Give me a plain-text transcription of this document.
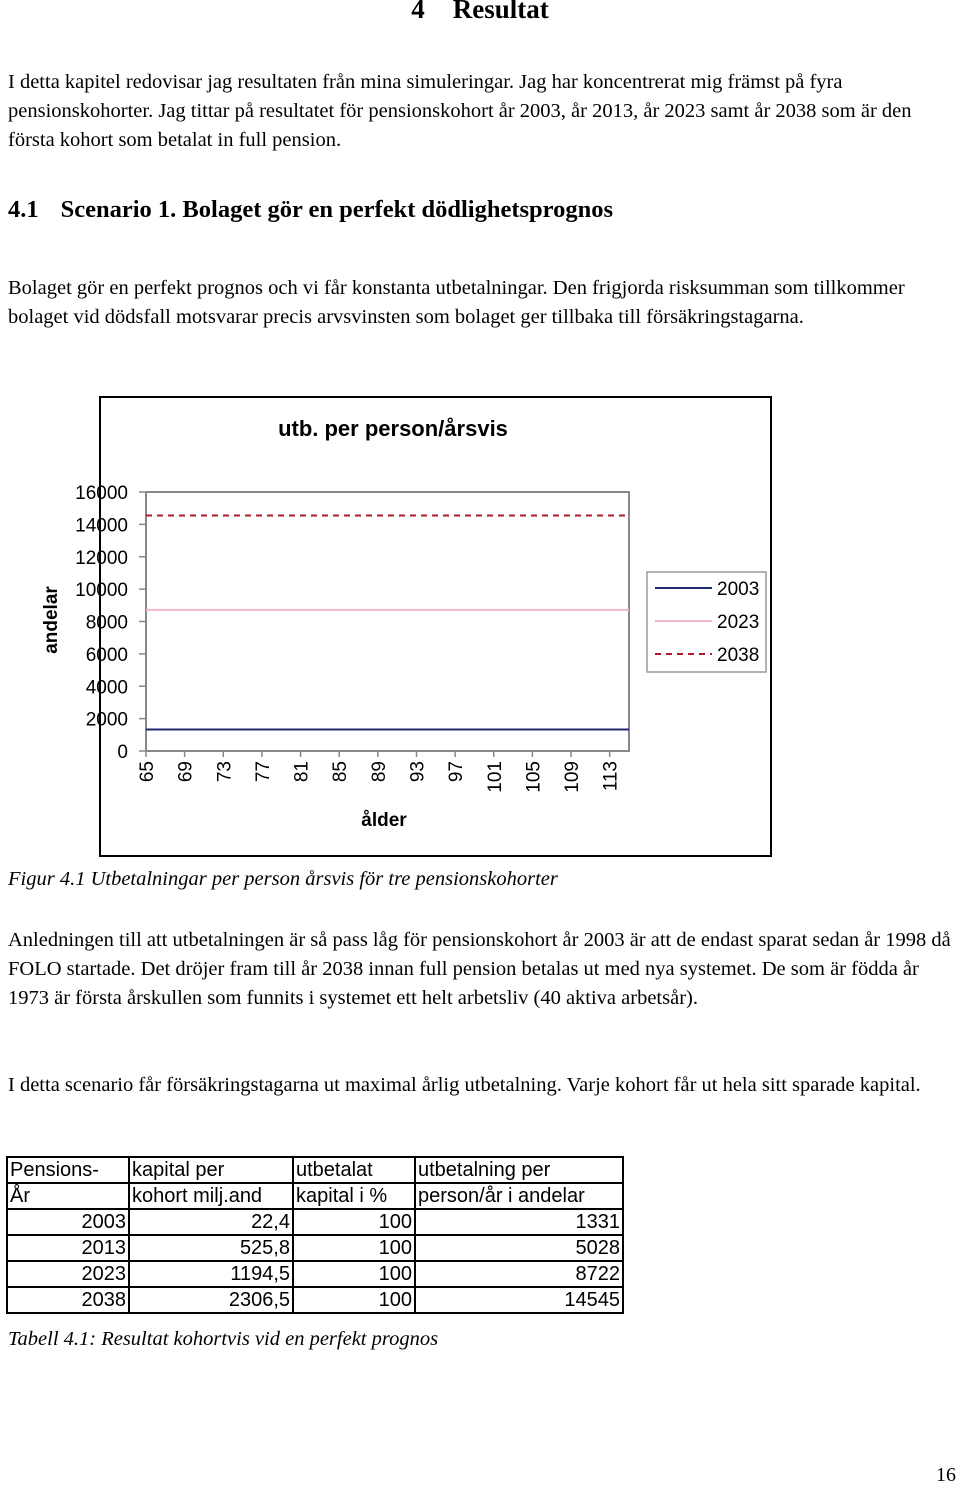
4 Resultat
I detta kapitel redovisar jag resultaten från mina simuleringar. Jag har koncentrerat mig främst på fyra pensionskohorter. Jag tittar på resultatet för pensionskohort år 2003, år 2013, år 2023 samt år 2038 som är den första kohort som betalat in full pension.
4.1 Scenario 1. Bolaget gör en perfekt dödlighetsprognos
Bolaget gör en perfekt prognos och vi får konstanta utbetalningar. Den frigjorda risksumman som tillkommer bolaget vid dödsfall motsvarar precis arvsvinsten som bolaget ger tillbaka till försäkringstagarna.
utb. per person/årsvis
andelar
ålder
16000
14000
12000
10000
8000
6000
4000
2000
0
65 69 73 77 81 85 89 93 97 101 105 109 113
2003
2023
2038
Figur 4.1 Utbetalningar per person årsvis för tre pensionskohorter
Anledningen till att utbetalningen är så pass låg för pensionskohort år 2003 är att de endast sparat sedan år 1998 då FOLO startade. Det dröjer fram till år 2038 innan full pension betalas ut med nya systemet. De som är födda år 1973 är första årskullen som funnits i systemet ett helt arbetsliv (40 aktiva arbetsår).
I detta scenario får försäkringstagarna ut maximal årlig utbetalning. Varje kohort får ut hela sitt sparade kapital.
Pensions-	kapital per	utbetalat	utbetalning per
År	kohort milj.and	kapital i %	person/år i andelar
2003	22,4	100	1331
2013	525,8	100	5028
2023	1194,5	100	8722
2038	2306,5	100	14545
Tabell 4.1: Resultat kohortvis vid en perfekt prognos
16
